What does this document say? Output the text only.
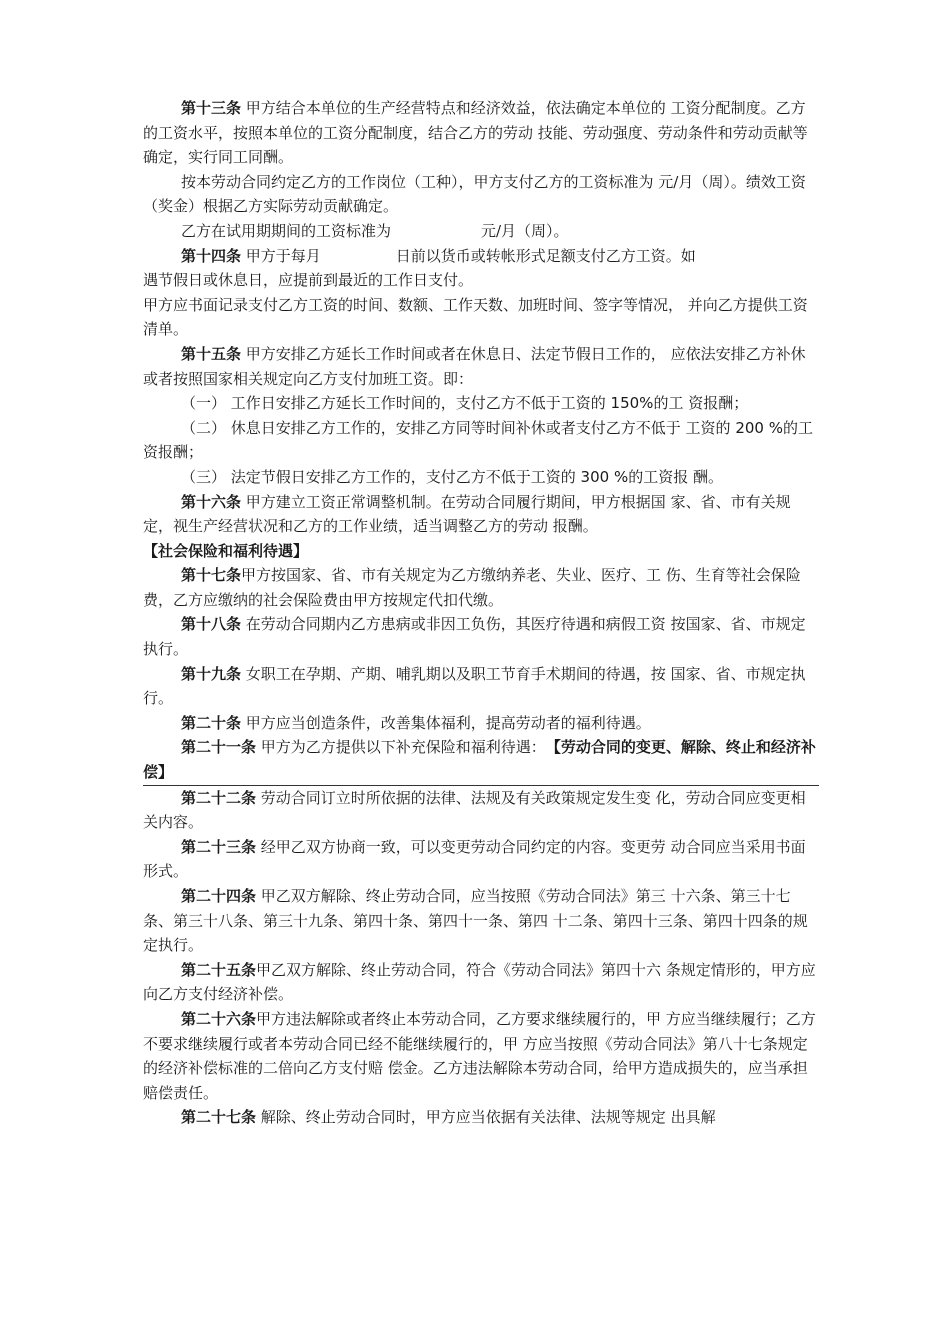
第十三条 甲方结合本单位的生产经营特点和经济效益，依法确定本单位的 工资分配制度。乙方的工资水平，按照本单位的工资分配制度，结合乙方的劳动 技能、劳动强度、劳动条件和劳动贡献等确定，实行同工同酬。

按本劳动合同约定乙方的工作岗位（工种），甲方支付乙方的工资标准为 元/月（周）。绩效工资（奖金）根据乙方实际劳动贡献确定。

乙方在试用期期间的工资标准为　　　　　　元/月（周）。

第十四条 甲方于每月　　　　　日前以货币或转帐形式足额支付乙方工资。如

遇节假日或休息日，应提前到最近的工作日支付。

甲方应书面记录支付乙方工资的时间、数额、工作天数、加班时间、签字等情况， 并向乙方提供工资清单。

第十五条 甲方安排乙方延长工作时间或者在休息日、法定节假日工作的， 应依法安排乙方补休或者按照国家相关规定向乙方支付加班工资。即：

（一） 工作日安排乙方延长工作时间的，支付乙方不低于工资的 150%的工 资报酬；

（二） 休息日安排乙方工作的，安排乙方同等时间补休或者支付乙方不低于 工资的 200 %的工资报酬；

（三） 法定节假日安排乙方工作的，支付乙方不低于工资的 300 %的工资报 酬。

第十六条 甲方建立工资正常调整机制。在劳动合同履行期间，甲方根据国 家、省、市有关规定，视生产经营状况和乙方的工作业绩，适当调整乙方的劳动 报酬。

【社会保险和福利待遇】

第十七条甲方按国家、省、市有关规定为乙方缴纳养老、失业、医疗、工 伤、生育等社会保险费，乙方应缴纳的社会保险费由甲方按规定代扣代缴。

第十八条 在劳动合同期内乙方患病或非因工负伤，其医疗待遇和病假工资 按国家、省、市规定执行。

第十九条 女职工在孕期、产期、哺乳期以及职工节育手术期间的待遇，按 国家、省、市规定执行。

第二十条 甲方应当创造条件，改善集体福利，提高劳动者的福利待遇。

第二十一条 甲方为乙方提供以下补充保险和福利待遇：　【劳动合同的变更、解除、终止和经济补偿】

第二十二条 劳动合同订立时所依据的法律、法规及有关政策规定发生变 化，劳动合同应变更相关内容。

第二十三条 经甲乙双方协商一致，可以变更劳动合同约定的内容。变更劳 动合同应当采用书面形式。

第二十四条 甲乙双方解除、终止劳动合同，应当按照《劳动合同法》第三 十六条、第三十七条、第三十八条、第三十九条、第四十条、第四十一条、第四 十二条、第四十三条、第四十四条的规定执行。

第二十五条甲乙双方解除、终止劳动合同，符合《劳动合同法》第四十六 条规定情形的，甲方应向乙方支付经济补偿。

第二十六条甲方违法解除或者终止本劳动合同，乙方要求继续履行的，甲 方应当继续履行；乙方不要求继续履行或者本劳动合同已经不能继续履行的，甲 方应当按照《劳动合同法》第八十七条规定的经济补偿标准的二倍向乙方支付赔 偿金。乙方违法解除本劳动合同，给甲方造成损失的，应当承担赔偿责任。

第二十七条 解除、终止劳动合同时，甲方应当依据有关法律、法规等规定 出具解
